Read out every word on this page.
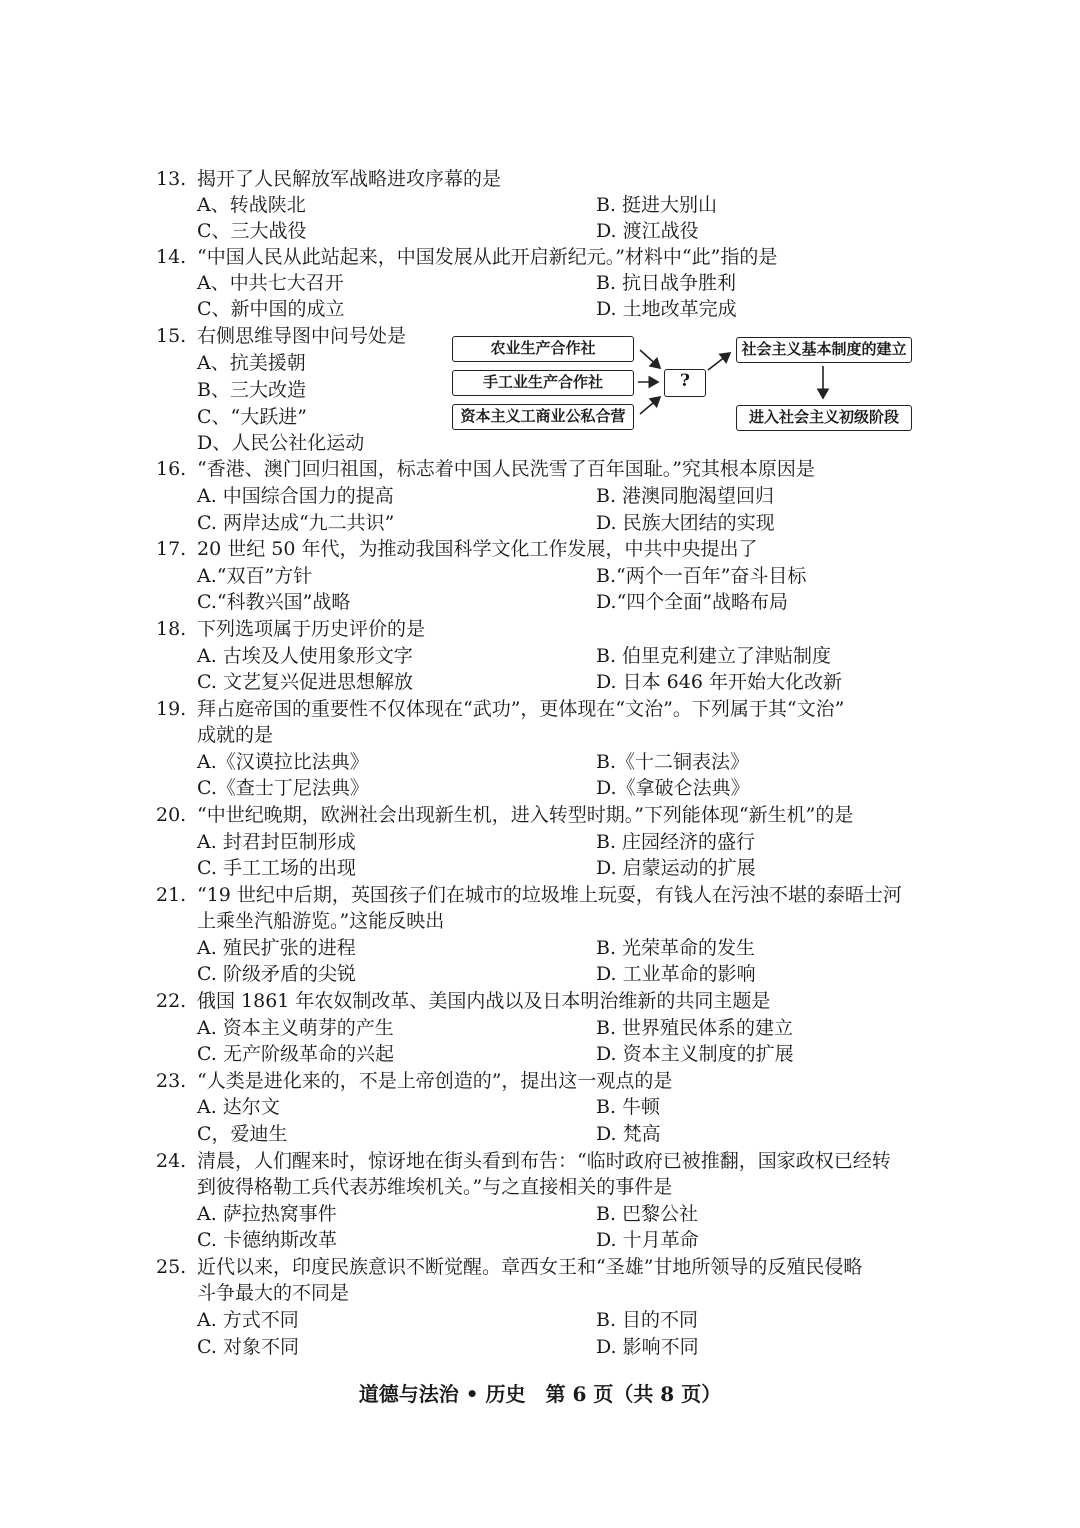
13. 揭开了人民解放军战略进攻序幕的是
A、转战陕北	B. 挺进大别山
C、三大战役	D. 渡江战役
14. “中国人民从此站起来，中国发展从此开启新纪元。”材料中“此”指的是
A、中共七大召开	B. 抗日战争胜利
C、新中国的成立	D. 土地改革完成
15. 右侧思维导图中问号处是
A、抗美援朝
B、三大改造
C、“大跃进”
D、人民公社化运动
农业生产合作社
手工业生产合作社
资本主义工商业公私合营
?
社会主义基本制度的建立
进入社会主义初级阶段
16. “香港、澳门回归祖国，标志着中国人民洗雪了百年国耻。”究其根本原因是
A. 中国综合国力的提高	B. 港澳同胞渴望回归
C. 两岸达成“九二共识”	D. 民族大团结的实现
17. 20 世纪 50 年代，为推动我国科学文化工作发展，中共中央提出了
A.“双百”方针	B.“两个一百年”奋斗目标
C.“科教兴国”战略	D.“四个全面”战略布局
18. 下列选项属于历史评价的是
A. 古埃及人使用象形文字	B. 伯里克利建立了津贴制度
C. 文艺复兴促进思想解放	D. 日本 646 年开始大化改新
19. 拜占庭帝国的重要性不仅体现在“武功”，更体现在“文治”。下列属于其“文治”
成就的是
A.《汉谟拉比法典》	B.《十二铜表法》
C.《查士丁尼法典》	D.《拿破仑法典》
20. “中世纪晚期，欧洲社会出现新生机，进入转型时期。”下列能体现“新生机”的是
A. 封君封臣制形成	B. 庄园经济的盛行
C. 手工工场的出现	D. 启蒙运动的扩展
21. “19 世纪中后期，英国孩子们在城市的垃圾堆上玩耍，有钱人在污浊不堪的泰晤士河
上乘坐汽船游览。”这能反映出
A. 殖民扩张的进程	B. 光荣革命的发生
C. 阶级矛盾的尖锐	D. 工业革命的影响
22. 俄国 1861 年农奴制改革、美国内战以及日本明治维新的共同主题是
A. 资本主义萌芽的产生	B. 世界殖民体系的建立
C. 无产阶级革命的兴起	D. 资本主义制度的扩展
23. “人类是进化来的，不是上帝创造的”，提出这一观点的是
A. 达尔文	B. 牛顿
C，爱迪生	D. 梵高
24. 清晨，人们醒来时，惊讶地在街头看到布告：“临时政府已被推翻，国家政权已经转
到彼得格勒工兵代表苏维埃机关。”与之直接相关的事件是
A. 萨拉热窝事件	B. 巴黎公社
C. 卡德纳斯改革	D. 十月革命
25. 近代以来，印度民族意识不断觉醒。章西女王和“圣雄”甘地所领导的反殖民侵略
斗争最大的不同是
A. 方式不同	B. 目的不同
C. 对象不同	D. 影响不同
道德与法治 • 历史　第 6 页（共 8 页）
